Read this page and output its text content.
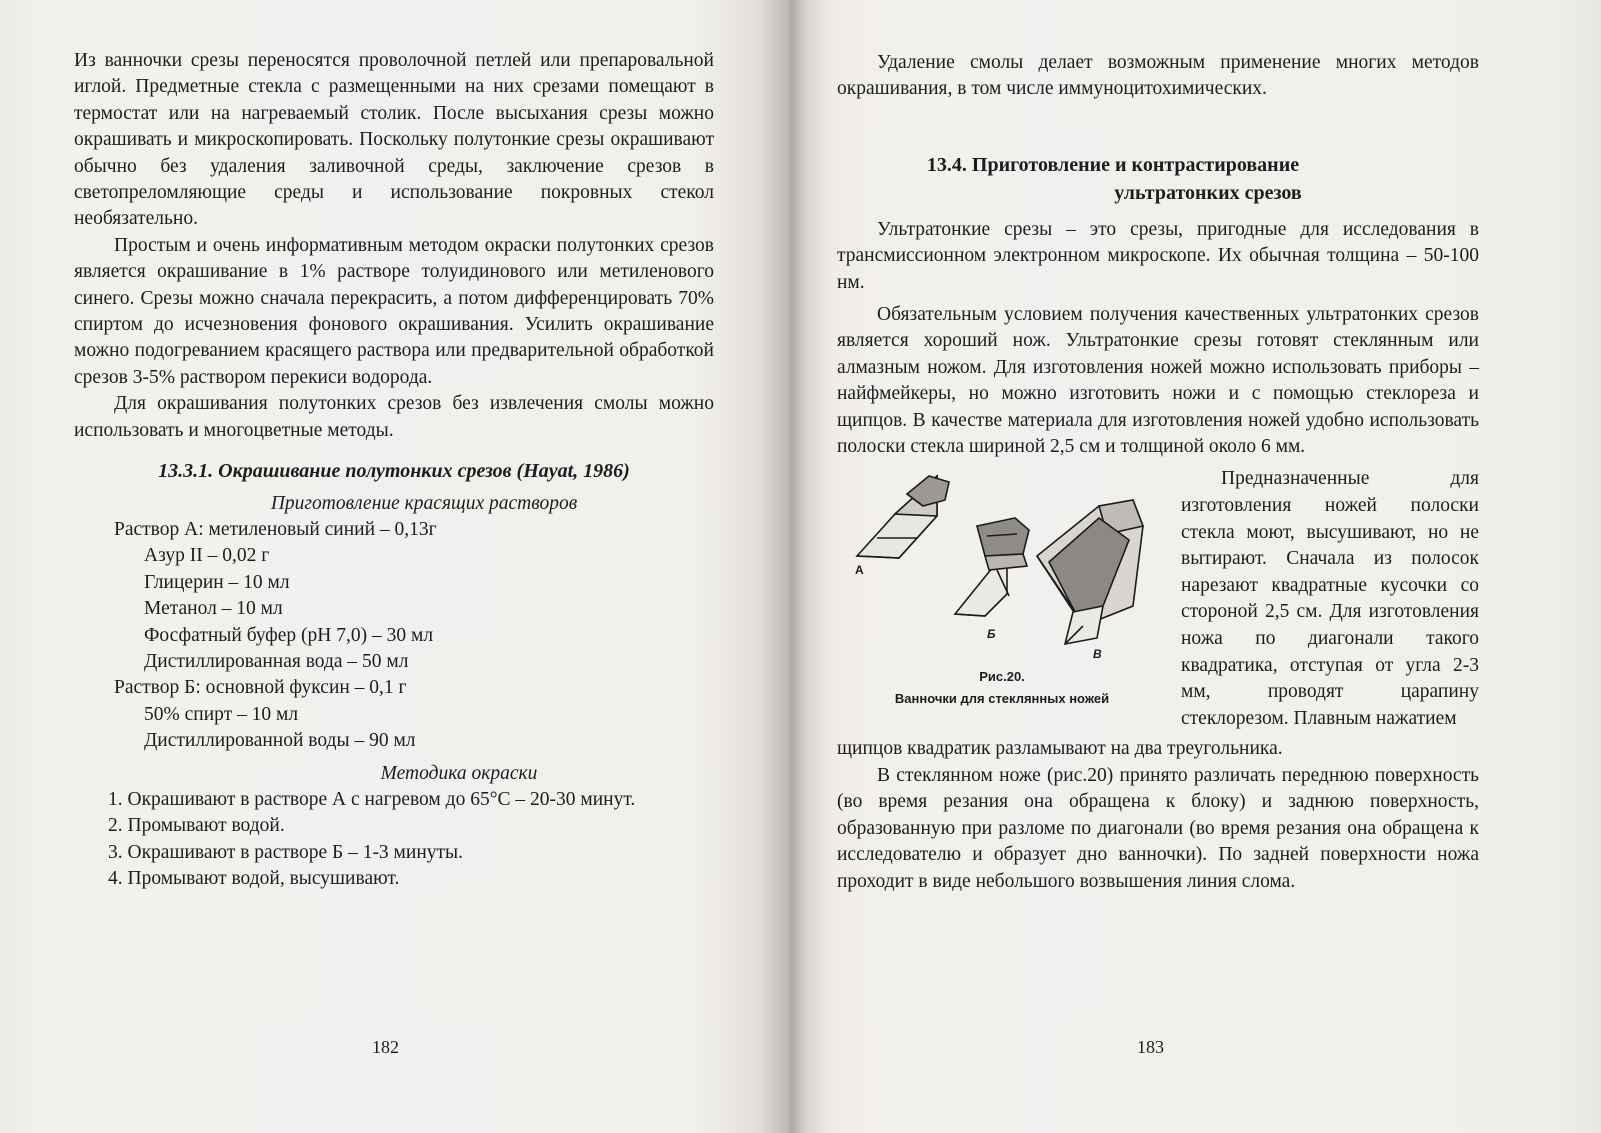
Из ванночки срезы переносятся проволочной петлей или препаровальной иглой. Предметные стекла с размещенными на них срезами помещают в термостат или на нагреваемый столик. После высыхания срезы можно окрашивать и микроскопировать. Поскольку полутонкие срезы окрашивают обычно без удаления заливочной среды, заключение срезов в светопреломляющие среды и использование покровных стекол необязательно.

Простым и очень информативным методом окраски полутонких срезов является окрашивание в 1% растворе толуидинового или метиленового синего. Срезы можно сначала перекрасить, а потом дифференцировать 70% спиртом до исчезновения фонового окрашивания. Усилить окрашивание можно подогреванием красящего раствора или предварительной обработкой срезов 3-5% раствором перекиси водорода.

Для окрашивания полутонких срезов без извлечения смолы можно использовать и многоцветные методы.

13.3.1. Окрашивание полутонких срезов (Hayat, 1986)

Приготовление красящих растворов

Раствор А: метиленовый синий – 0,13г

Азур II – 0,02 г

Глицерин – 10 мл

Метанол – 10 мл

Фосфатный буфер (pH 7,0) – 30 мл

Дистиллированная вода – 50 мл

Раствор Б: основной фуксин – 0,1 г

50% спирт – 10 мл

Дистиллированной воды – 90 мл

Методика окраски

1. Окрашивают в растворе А с нагревом до 65°С – 20-30 минут.

2. Промывают водой.

3. Окрашивают в растворе Б – 1-3 минуты.

4. Промывают водой, высушивают.

182

Удаление смолы делает возможным применение многих методов окрашивания, в том числе иммуноцитохимических.

13.4. Приготовление и контрастирование
ультратонких срезов

Ультратонкие срезы – это срезы, пригодные для исследования в трансмиссионном электронном микроскопе. Их обычная толщина – 50-100 нм.

Обязательным условием получения качественных ультратонких срезов является хороший нож. Ультратонкие срезы готовят стеклянным или алмазным ножом. Для изготовления ножей можно использовать приборы – найфмейкеры, но можно изготовить ножи и с помощью стеклореза и щипцов. В качестве материала для изготовления ножей удобно использовать полоски стекла шириной 2,5 см и толщиной около 6 мм.

А
Б
В
Рис.20.
Ванночки для стеклянных ножей

Предназначенные для изготовления ножей полоски стекла моют, высушивают, но не вытирают. Сначала из полосок нарезают квадратные кусочки со стороной 2,5 см. Для изготовления ножа по диагонали такого квадратика, отступая от угла 2-3 мм, проводят царапину стеклорезом. Плавным нажатием

щипцов квадратик разламывают на два треугольника.

В стеклянном ноже (рис.20) принято различать переднюю поверхность (во время резания она обращена к блоку) и заднюю поверхность, образованную при разломе по диагонали (во время резания она обращена к исследователю и образует дно ванночки). По задней поверхности ножа проходит в виде небольшого возвышения линия слома.

183
